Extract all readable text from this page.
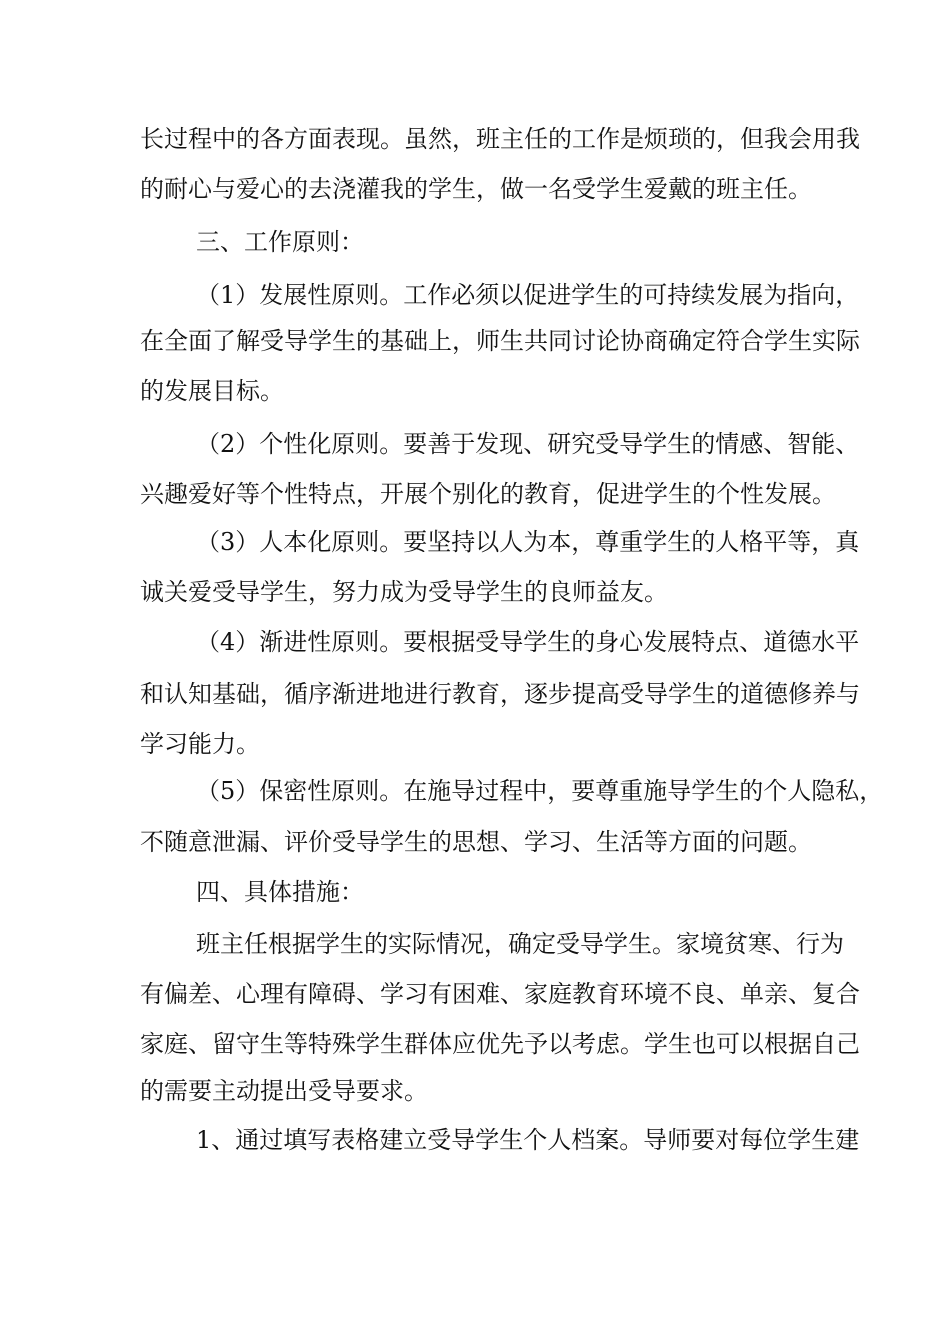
长过程中的各方面表现。虽然，班主任的工作是烦琐的，但我会用我
的耐心与爱心的去浇灌我的学生，做一名受学生爱戴的班主任。
三、工作原则：
（1）发展性原则。工作必须以促进学生的可持续发展为指向，
在全面了解受导学生的基础上，师生共同讨论协商确定符合学生实际
的发展目标。
（2）个性化原则。要善于发现、研究受导学生的情感、智能、
兴趣爱好等个性特点，开展个别化的教育，促进学生的个性发展。
（3）人本化原则。要坚持以人为本，尊重学生的人格平等，真
诚关爱受导学生，努力成为受导学生的良师益友。
（4）渐进性原则。要根据受导学生的身心发展特点、道德水平
和认知基础，循序渐进地进行教育，逐步提高受导学生的道德修养与
学习能力。
（5）保密性原则。在施导过程中，要尊重施导学生的个人隐私，
不随意泄漏、评价受导学生的思想、学习、生活等方面的问题。
四、具体措施：
班主任根据学生的实际情况，确定受导学生。家境贫寒、行为
有偏差、心理有障碍、学习有困难、家庭教育环境不良、单亲、复合
家庭、留守生等特殊学生群体应优先予以考虑。学生也可以根据自己
的需要主动提出受导要求。
1、通过填写表格建立受导学生个人档案。导师要对每位学生建
